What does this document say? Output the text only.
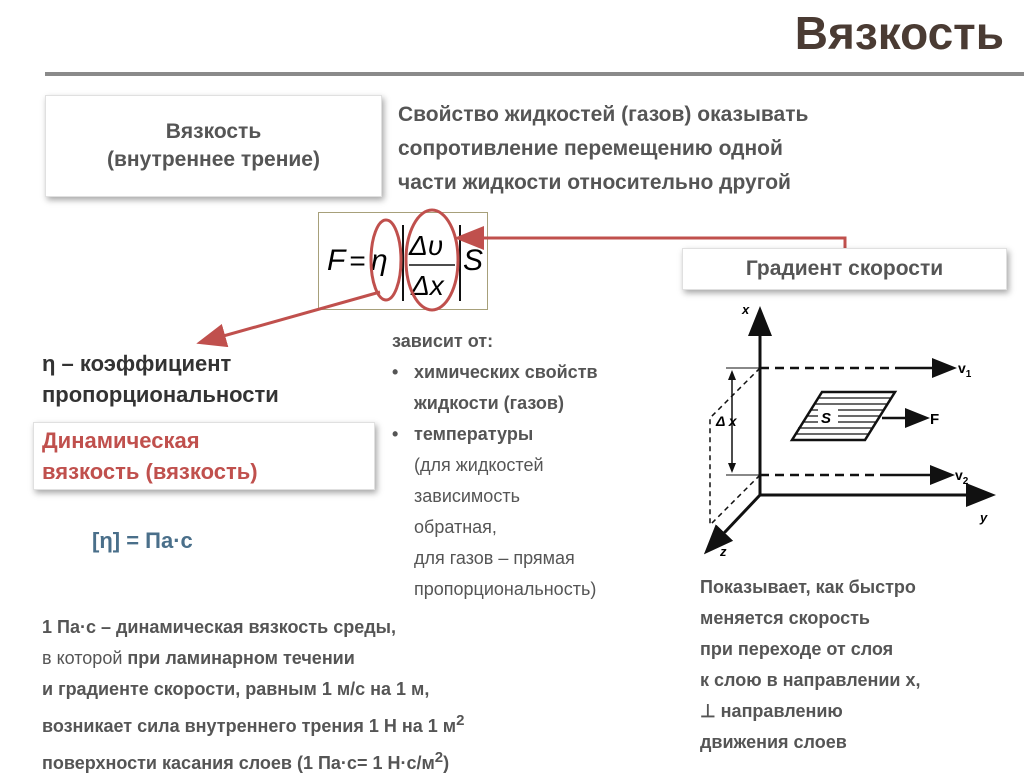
Вязкость
Вязкость
(внутреннее трение)
Свойство жидкостей (газов) оказывать
сопротивление перемещению одной
части жидкости относительно другой
F = η Δυ
Δx
S	Градиент скорости
η – коэффициент
пропорциональности
Динамическая
вязкость (вязкость)
[η] = Па·с
зависит от:
• химических свойств
жидкости (газов)
• температуры
(для жидкостей
зависимость
обратная,
для газов – прямая
пропорциональность)
x
y
z
$v_1$
$v_2$
Δ x	S	F
Показывает, как быстро
меняется скорость
при переходе от слоя
к слою в направлении x,
⊥ направлению
движения слоев
1 Па·с – динамическая вязкость среды,
в которой при ламинарном течении
и градиенте скорости, равным 1 м/с на 1 м,
возникает сила внутреннего трения 1 Н на 1 $м^2$
поверхности касания слоев (1 Па·с= 1 $Н\cdot с/м^2$)
